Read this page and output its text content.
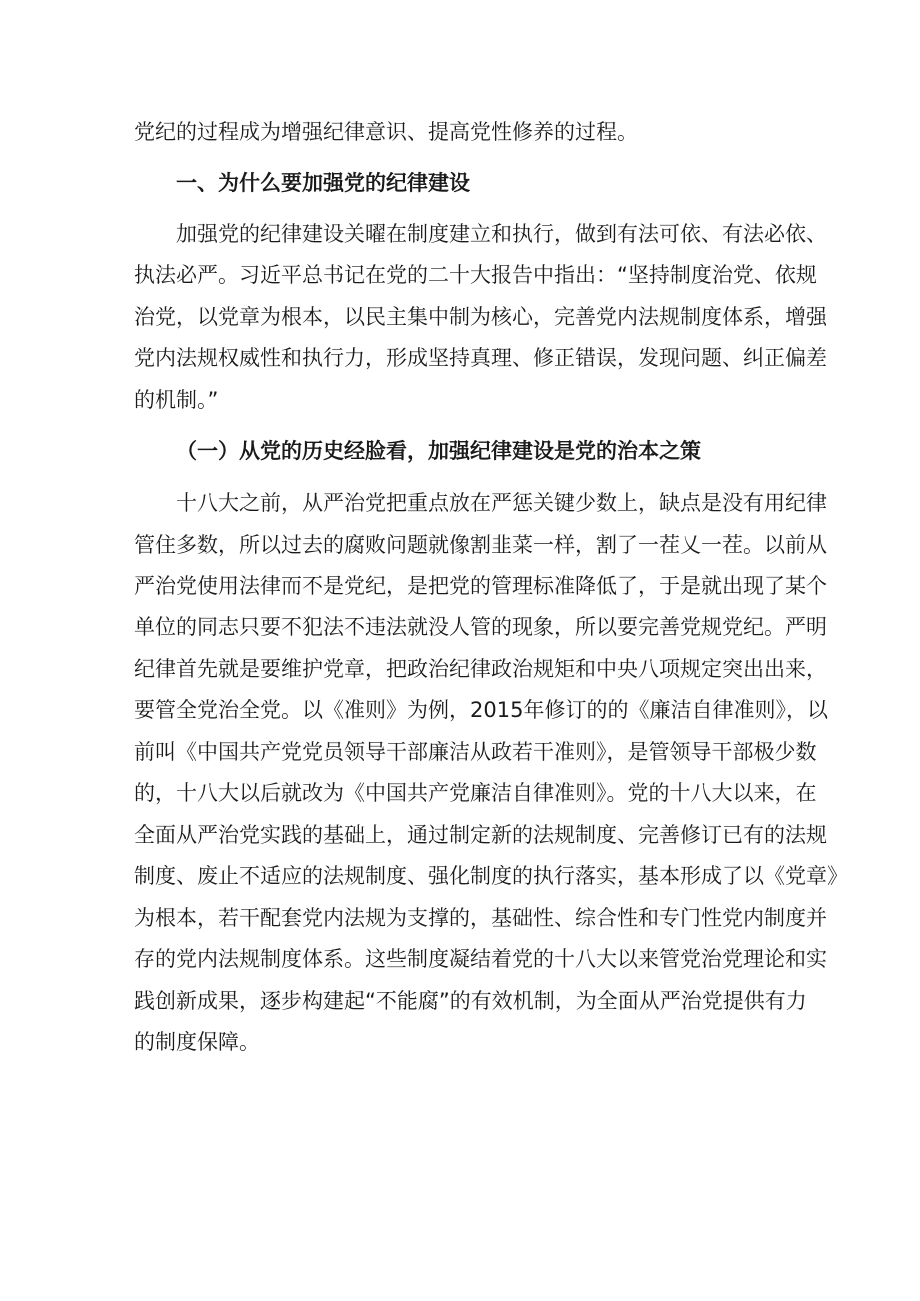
党纪的过程成为增强纪律意识、提高党性修养的过程。
一、为什么要加强党的纪律建设
加强党的纪律建设关曜在制度建立和执行，做到有法可依、有法必依、
执法必严。习近平总书记在党的二十大报告中指出：“坚持制度治党、依规
治党，以党章为根本，以民主集中制为核心，完善党内法规制度体系，增强
党内法规权威性和执行力，形成坚持真理、修正错误，发现问题、纠正偏差
的机制。”
（一）从党的历史经脸看，加强纪律建设是党的治本之策
十八大之前，从严治党把重点放在严惩关键少数上，缺点是没有用纪律
管住多数，所以过去的腐败问题就像割韭菜一样，割了一茬乂一茬。以前从
严治党使用法律而不是党纪，是把党的管理标准降低了，于是就出现了某个
单位的同志只要不犯法不违法就没人管的现象，所以要完善党规党纪。严明
纪律首先就是要维护党章，把政治纪律政治规矩和中央八项规定突出出来，
要管全党治全党。以《准则》为例，2015年修订的的《廉洁自律准则》，以
前叫《中国共产党党员领导干部廉洁从政若干准则》，是管领导干部极少数
的，十八大以后就改为《中国共产党廉洁自律准则》。党的十八大以来，在
全面从严治党实践的基础上，通过制定新的法规制度、完善修订已有的法规
制度、废止不适应的法规制度、强化制度的执行落实，基本形成了以《党章》
为根本，若干配套党内法规为支撑的，基础性、综合性和专门性党内制度并
存的党内法规制度体系。这些制度凝结着党的十八大以来管党治党理论和实
践创新成果，逐步构建起“不能腐”的有效机制，为全面从严治党提供有力
的制度保障。
